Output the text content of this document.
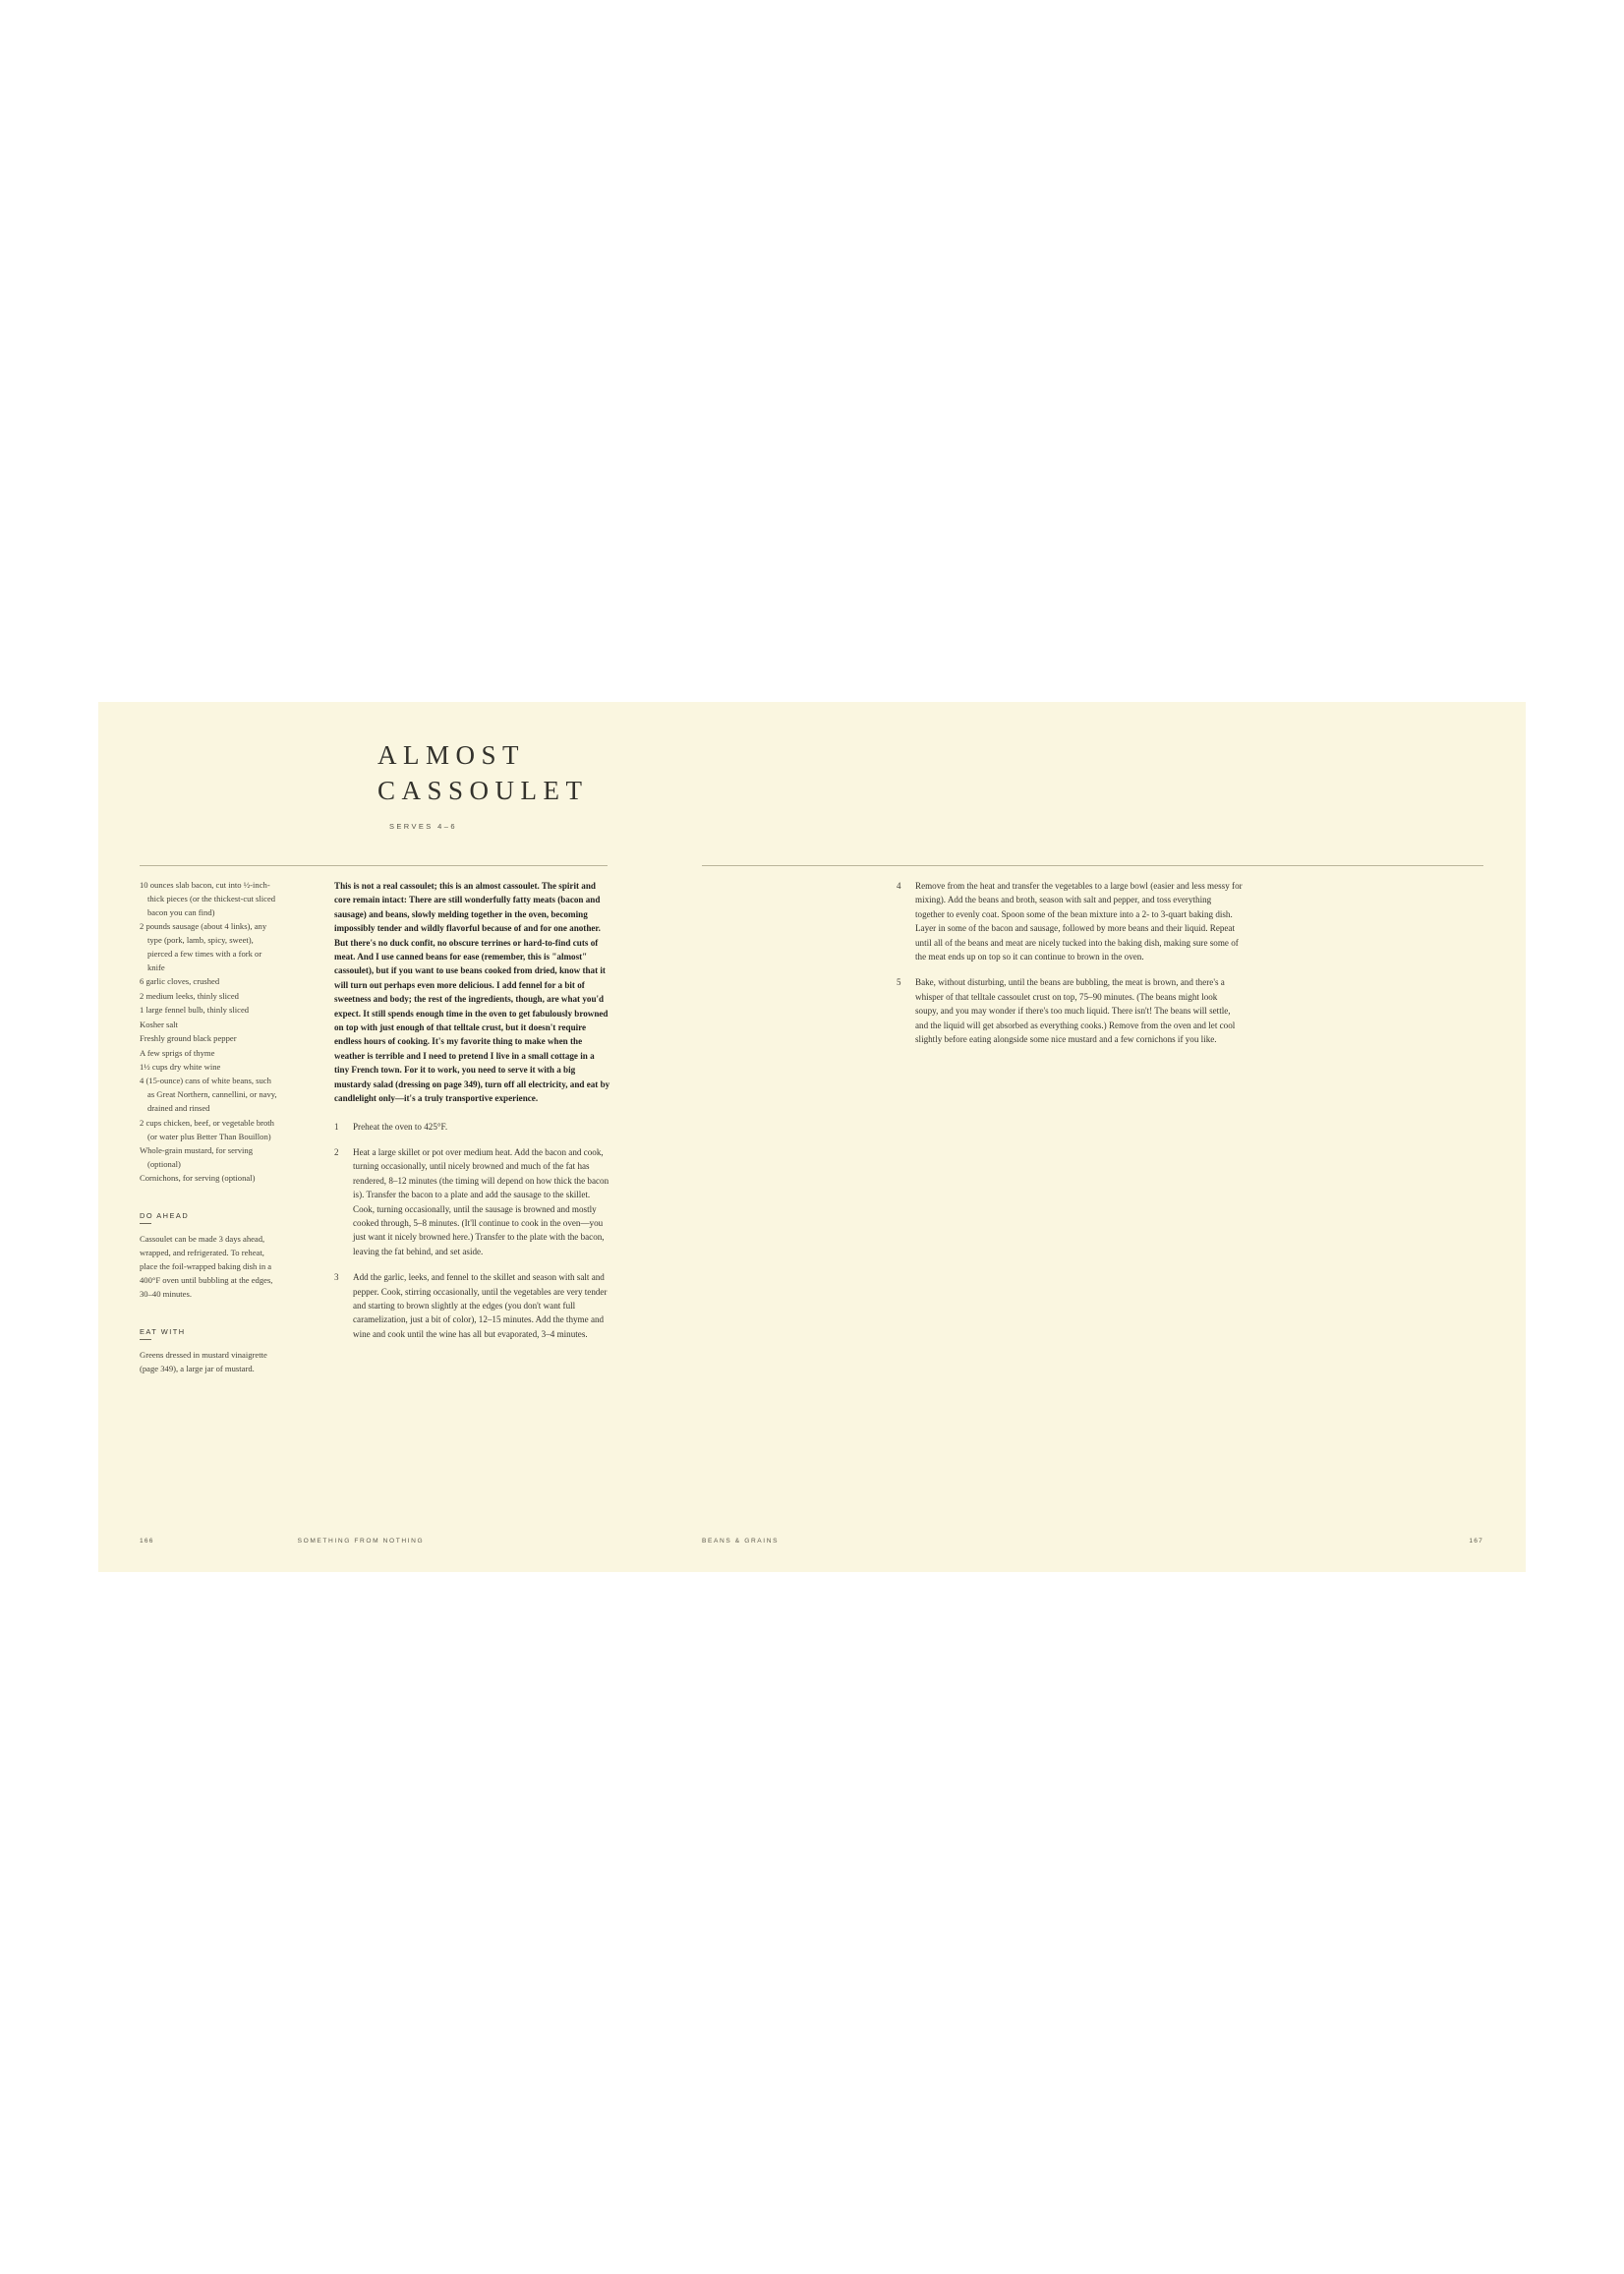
ALMOST
CASSOULET
SERVES 4–6

10 ounces slab bacon, cut into ½-inch-thick pieces (or the thickest-cut sliced bacon you can find)

2 pounds sausage (about 4 links), any type (pork, lamb, spicy, sweet), pierced a few times with a fork or knife

6 garlic cloves, crushed

2 medium leeks, thinly sliced

1 large fennel bulb, thinly sliced

Kosher salt

Freshly ground black pepper

A few sprigs of thyme

1½ cups dry white wine

4 (15-ounce) cans of white beans, such as Great Northern, cannellini, or navy, drained and rinsed

2 cups chicken, beef, or vegetable broth (or water plus Better Than Bouillon)

Whole-grain mustard, for serving (optional)

Cornichons, for serving (optional)

DO AHEAD

Cassoulet can be made 3 days ahead, wrapped, and refrigerated. To reheat, place the foil-wrapped baking dish in a 400°F oven until bubbling at the edges, 30–40 minutes.

EAT WITH

Greens dressed in mustard vinaigrette (page 349), a large jar of mustard.

This is not a real cassoulet; this is an almost cassoulet. The spirit and core remain intact: There are still wonderfully fatty meats (bacon and sausage) and beans, slowly melding together in the oven, becoming impossibly tender and wildly flavorful because of and for one another. But there's no duck confit, no obscure terrines or hard-to-find cuts of meat. And I use canned beans for ease (remember, this is "almost" cassoulet), but if you want to use beans cooked from dried, know that it will turn out perhaps even more delicious. I add fennel for a bit of sweetness and body; the rest of the ingredients, though, are what you'd expect. It still spends enough time in the oven to get fabulously browned on top with just enough of that telltale crust, but it doesn't require endless hours of cooking. It's my favorite thing to make when the weather is terrible and I need to pretend I live in a small cottage in a tiny French town. For it to work, you need to serve it with a big mustardy salad (dressing on page 349), turn off all electricity, and eat by candlelight only—it's a truly transportive experience.

1	Preheat the oven to 425°F.
2	Heat a large skillet or pot over medium heat. Add the bacon and cook, turning occasionally, until nicely browned and much of the fat has rendered, 8–12 minutes (the timing will depend on how thick the bacon is). Transfer the bacon to a plate and add the sausage to the skillet. Cook, turning occasionally, until the sausage is browned and mostly cooked through, 5–8 minutes. (It'll continue to cook in the oven—you just want it nicely browned here.) Transfer to the plate with the bacon, leaving the fat behind, and set aside.
3	Add the garlic, leeks, and fennel to the skillet and season with salt and pepper. Cook, stirring occasionally, until the vegetables are very tender and starting to brown slightly at the edges (you don't want full caramelization, just a bit of color), 12–15 minutes. Add the thyme and wine and cook until the wine has all but evaporated, 3–4 minutes.
4	Remove from the heat and transfer the vegetables to a large bowl (easier and less messy for mixing). Add the beans and broth, season with salt and pepper, and toss everything together to evenly coat. Spoon some of the bean mixture into a 2- to 3-quart baking dish. Layer in some of the bacon and sausage, followed by more beans and their liquid. Repeat until all of the beans and meat are nicely tucked into the baking dish, making sure some of the meat ends up on top so it can continue to brown in the oven.
5	Bake, without disturbing, until the beans are bubbling, the meat is brown, and there's a whisper of that telltale cassoulet crust on top, 75–90 minutes. (The beans might look soupy, and you may wonder if there's too much liquid. There isn't! The beans will settle, and the liquid will get absorbed as everything cooks.) Remove from the oven and let cool slightly before eating alongside some nice mustard and a few cornichons if you like.
166	SOMETHING FROM NOTHING	BEANS & GRAINS	167
